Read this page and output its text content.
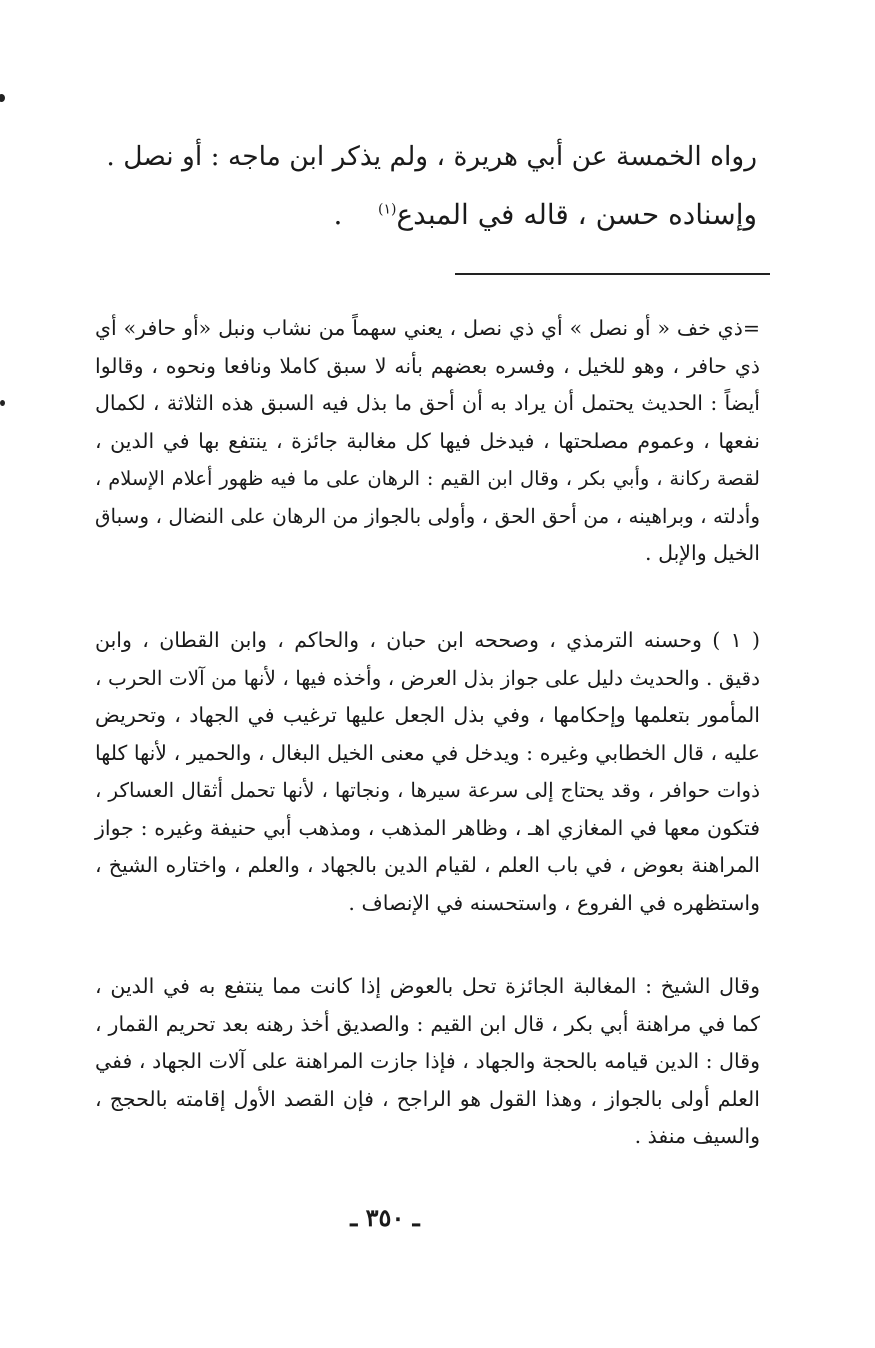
رواه الخمسة عن أبي هريرة ، ولم يذكر ابن ماجه : أو نصل .
وإسناده حسن ، قاله في المبدع$^{(١)}$    .
=ذي خف « أو نصل » أي ذي نصل ، يعني سهماً من نشاب ونبل «أو حافر» أي
ذي حافر ، وهو للخيل ، وفسره بعضهم بأنه لا سبق كاملا ونافعا ونحوه ، وقالوا
أيضاً : الحديث يحتمل أن يراد به أن أحق ما بذل فيه السبق هذه الثلاثة ، لكمال
نفعها ، وعموم مصلحتها ، فيدخل فيها كل مغالبة جائزة ، ينتفع بها في الدين ،
لقصة ركانة ، وأبي بكر ، وقال ابن القيم : الرهان على ما فيه ظهور أعلام الإسلام ،
وأدلته ، وبراهينه ، من أحق الحق ، وأولى بالجواز من الرهان على النضال ، وسباق
الخيل والإبل .
( ١ ) وحسنه الترمذي ، وصححه ابن حبان ، والحاكم ، وابن القطان ، وابن
دقيق . والحديث دليل على جواز بذل العرض ، وأخذه فيها ، لأنها من آلات الحرب ،
المأمور بتعلمها وإحكامها ، وفي بذل الجعل عليها ترغيب في الجهاد ، وتحريض
عليه ، قال الخطابي وغيره : ويدخل في معنى الخيل البغال ، والحمير ، لأنها كلها
ذوات حوافر ، وقد يحتاج إلى سرعة سيرها ، ونجاتها ، لأنها تحمل أثقال العساكر ،
فتكون معها في المغازي اهـ ، وظاهر المذهب ، ومذهب أبي حنيفة وغيره : جواز
المراهنة بعوض ، في باب العلم ، لقيام الدين بالجهاد ، والعلم ، واختاره الشيخ ،
واستظهره في الفروع ، واستحسنه في الإنصاف .
وقال الشيخ : المغالبة الجائزة تحل بالعوض إذا كانت مما ينتفع به في الدين ،
كما في مراهنة أبي بكر ، قال ابن القيم : والصديق أخذ رهنه بعد تحريم القمار ،
وقال : الدين قيامه بالحجة والجهاد ، فإذا جازت المراهنة على آلات الجهاد ، ففي
العلم أولى بالجواز ، وهذا القول هو الراجح ، فإن القصد الأول إقامته بالحجج ،
والسيف منفذ .
ـ ٣٥٠ ـ
